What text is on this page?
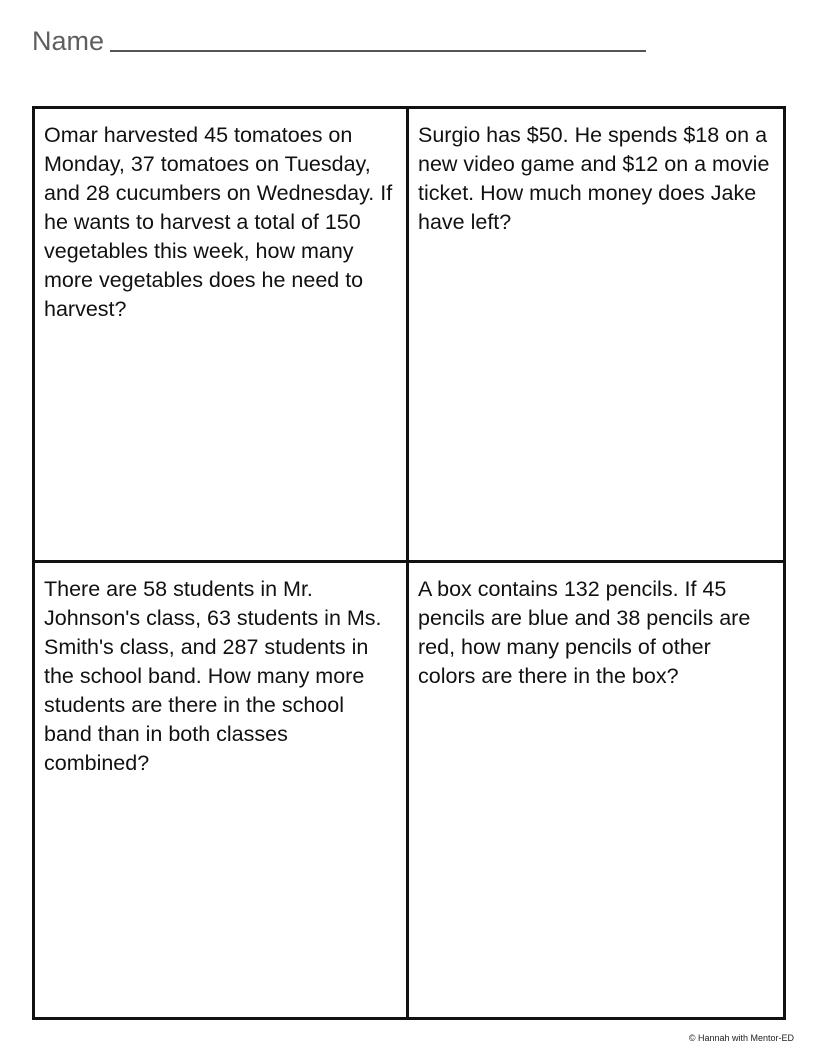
Name
Omar harvested 45 tomatoes on Monday, 37 tomatoes on Tuesday, and 28 cucumbers on Wednesday. If he wants to harvest a total of 150 vegetables this week, how many more vegetables does he need to harvest?
Surgio has $50. He spends $18 on a new video game and $12 on a movie ticket. How much money does Jake have left?
There are 58 students in Mr. Johnson's class, 63 students in Ms. Smith's class, and 287 students in the school band. How many more students are there in the school band than in both classes combined?
A box contains 132 pencils. If 45 pencils are blue and 38 pencils are red, how many pencils of other colors are there in the box?
© Hannah with Mentor-ED
